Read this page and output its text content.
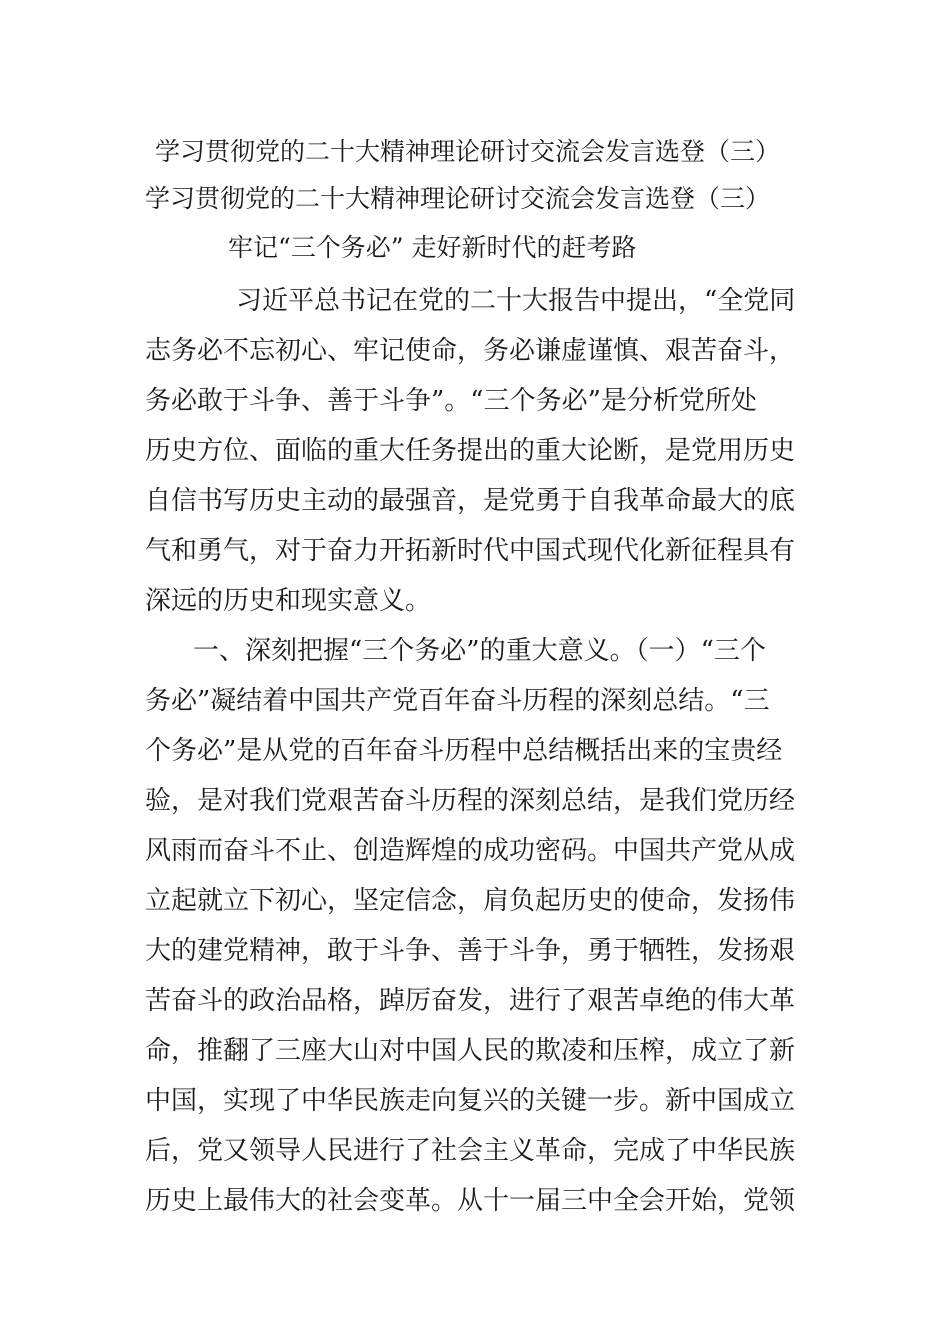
学习贯彻党的二十大精神理论研讨交流会发言选登（三）
学习贯彻党的二十大精神理论研讨交流会发言选登（三）
牢记“三个务必” 走好新时代的赶考路
习近平总书记在党的二十大报告中提出，“全党同
志务必不忘初心、牢记使命，务必谦虚谨慎、艰苦奋斗，
务必敢于斗争、善于斗争”。“三个务必”是分析党所处
历史方位、面临的重大任务提出的重大论断，是党用历史
自信书写历史主动的最强音，是党勇于自我革命最大的底
气和勇气，对于奋力开拓新时代中国式现代化新征程具有
深远的历史和现实意义。
一、深刻把握“三个务必”的重大意义。（一）“三个
务必”凝结着中国共产党百年奋斗历程的深刻总结。“三
个务必”是从党的百年奋斗历程中总结概括出来的宝贵经
验，是对我们党艰苦奋斗历程的深刻总结，是我们党历经
风雨而奋斗不止、创造辉煌的成功密码。中国共产党从成
立起就立下初心，坚定信念，肩负起历史的使命，发扬伟
大的建党精神，敢于斗争、善于斗争，勇于牺牲，发扬艰
苦奋斗的政治品格，踔厉奋发，进行了艰苦卓绝的伟大革
命，推翻了三座大山对中国人民的欺凌和压榨，成立了新
中国，实现了中华民族走向复兴的关键一步。新中国成立
后，党又领导人民进行了社会主义革命，完成了中华民族
历史上最伟大的社会变革。从十一届三中全会开始，党领
